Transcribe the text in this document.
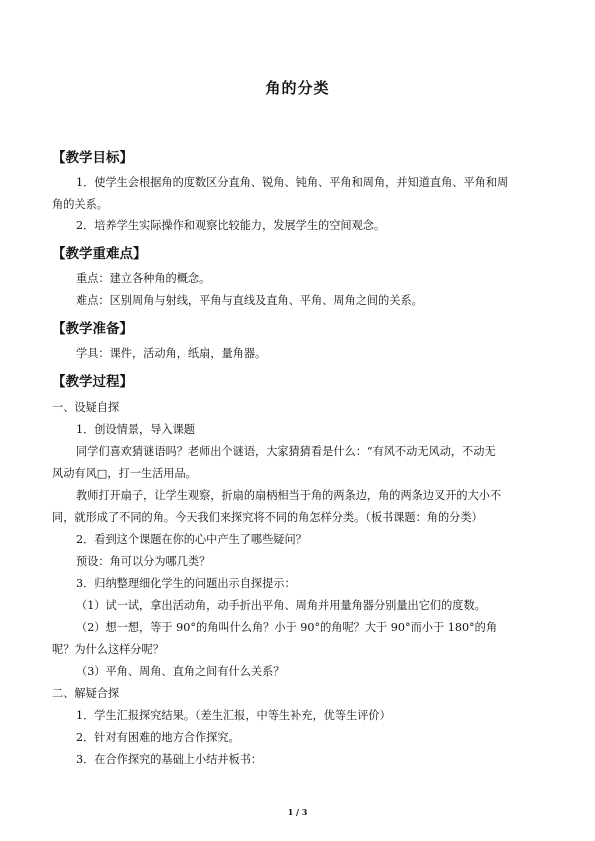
角的分类
【教学目标】
1．使学生会根据角的度数区分直角、锐角、钝角、平角和周角，并知道直角、平角和周
角的关系。
2．培养学生实际操作和观察比较能力，发展学生的空间观念。
【教学重难点】
重点：建立各种角的概念。
难点：区别周角与射线，平角与直线及直角、平角、周角之间的关系。
【教学准备】
学具：课件，活动角，纸扇，量角器。
【教学过程】
一、设疑自探
1．创设情景，导入课题
同学们喜欢猜谜语吗？老师出个谜语，大家猜猜看是什么：“有风不动无风动，不动无
风动有风□，打一生活用品。
教师打开扇子，让学生观察，折扇的扇柄相当于角的两条边，角的两条边叉开的大小不
同，就形成了不同的角。今天我们来探究将不同的角怎样分类。（板书课题：角的分类）
2．看到这个课题在你的心中产生了哪些疑问？
预设：角可以分为哪几类？
3．归纳整理细化学生的问题出示自探提示：
（1）试一试，拿出活动角，动手折出平角、周角并用量角器分别量出它们的度数。
（2）想一想，等于 90°的角叫什么角？小于 90°的角呢？大于 90°而小于 180°的角
呢？为什么这样分呢？
（3）平角、周角、直角之间有什么关系？
二、解疑合探
1．学生汇报探究结果。（差生汇报，中等生补充，优等生评价）
2．针对有困难的地方合作探究。
3．在合作探究的基础上小结并板书：
1 / 3
